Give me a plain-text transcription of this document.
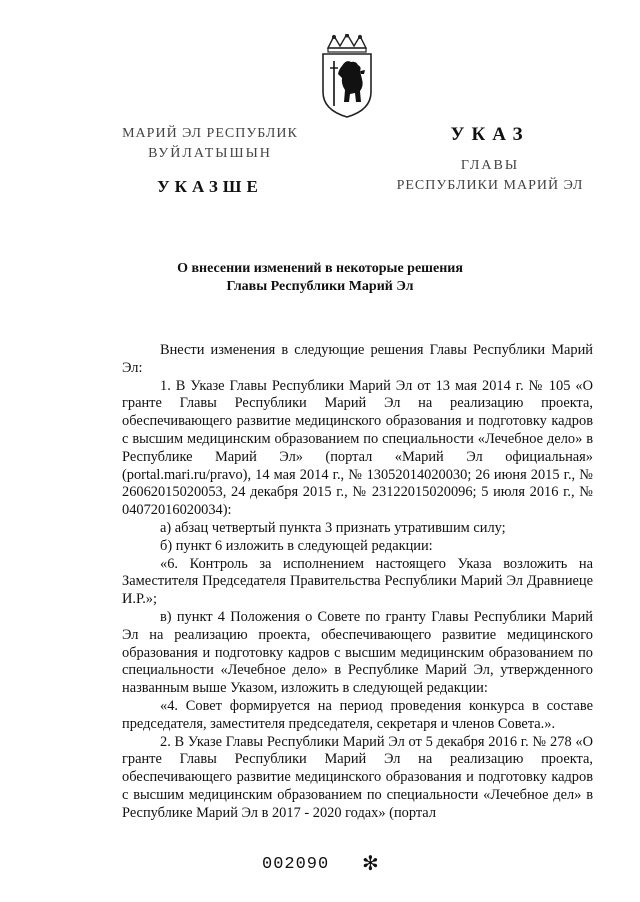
МАРИЙ ЭЛ РЕСПУБЛИК
ВУЙЛАТЫШЫН
УКАЗШЕ
УКАЗ
ГЛАВЫ
РЕСПУБЛИКИ МАРИЙ ЭЛ
О внесении изменений в некоторые решения
Главы Республики Марий Эл

Внести изменения в следующие решения Главы Республики Марий Эл:

1. В Указе Главы Республики Марий Эл от 13 мая 2014 г. № 105 «О гранте Главы Республики Марий Эл на реализацию проекта, обеспечивающего развитие медицинского образования и подготовку кадров с высшим медицинским образованием по специальности «Лечебное дело» в Республике Марий Эл» (портал «Марий Эл официальная» (portal.mari.ru/pravo), 14 мая 2014 г., № 13052014020030; 26 июня 2015 г., № 26062015020053, 24 декабря 2015 г., № 23122015020096; 5 июля 2016 г., № 04072016020034):

а) абзац четвертый пункта 3 признать утратившим силу;

б) пункт 6 изложить в следующей редакции:

«6. Контроль за исполнением настоящего Указа возложить на Заместителя Председателя Правительства Республики Марий Эл Дравниеце И.Р.»;

в) пункт 4 Положения о Совете по гранту Главы Республики Марий Эл на реализацию проекта, обеспечивающего развитие медицинского образования и подготовку кадров с высшим медицинским образованием по специальности «Лечебное дело» в Республике Марий Эл, утвержденного названным выше Указом, изложить в следующей редакции:

«4. Совет формируется на период проведения конкурса в составе председателя, заместителя председателя, секретаря и членов Совета.».

2. В Указе Главы Республики Марий Эл от 5 декабря 2016 г. № 278 «О гранте Главы Республики Марий Эл на реализацию проекта, обеспечивающего развитие медицинского образования и подготовку кадров с высшим медицинским образованием по специальности «Лечебное дел» в Республике Марий Эл в 2017 - 2020 годах» (портал

002090 ✻
